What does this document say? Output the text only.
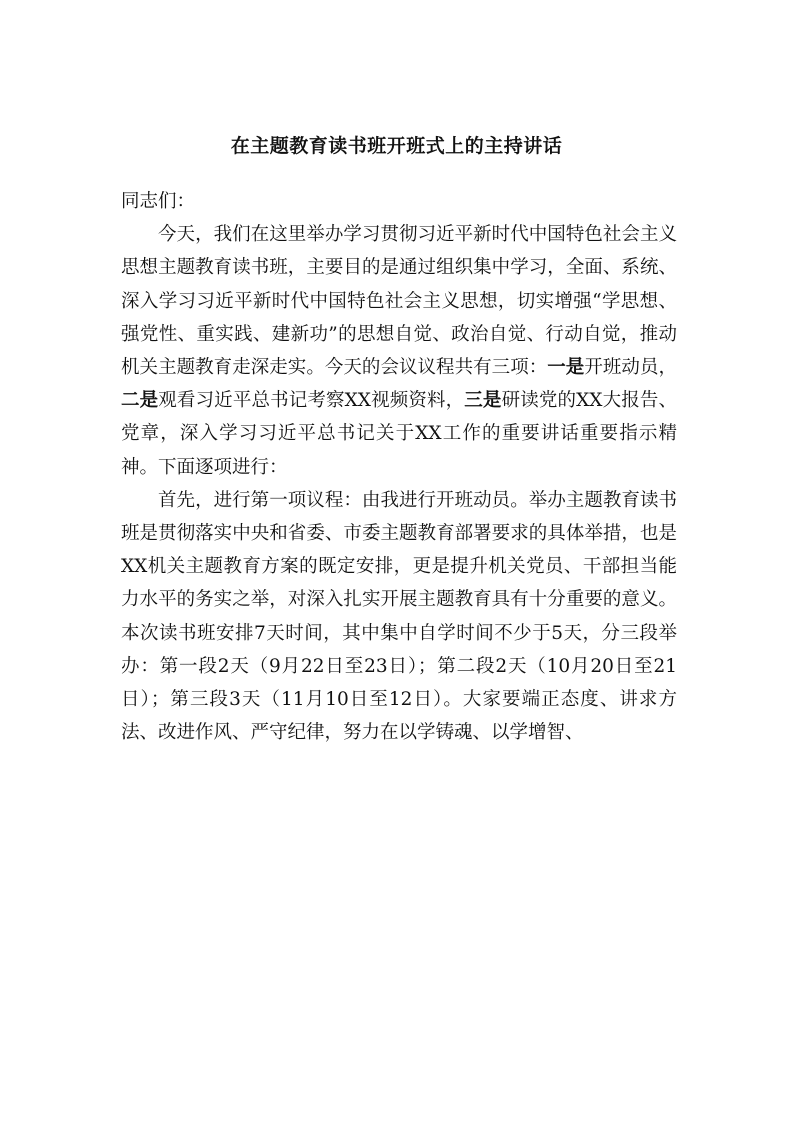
在主题教育读书班开班式上的主持讲话

同志们：

今天，我们在这里举办学习贯彻习近平新时代中国特色社会主义思想主题教育读书班，主要目的是通过组织集中学习，全面、系统、深入学习习近平新时代中国特色社会主义思想，切实增强“学思想、强党性、重实践、建新功”的思想自觉、政治自觉、行动自觉，推动机关主题教育走深走实。今天的会议议程共有三项：一是开班动员，二是观看习近平总书记考察XX视频资料，三是研读党的XX大报告、党章，深入学习习近平总书记关于XX工作的重要讲话重要指示精神。下面逐项进行：

首先，进行第一项议程：由我进行开班动员。举办主题教育读书班是贯彻落实中央和省委、市委主题教育部署要求的具体举措，也是XX机关主题教育方案的既定安排，更是提升机关党员、干部担当能力水平的务实之举，对深入扎实开展主题教育具有十分重要的意义。本次读书班安排7天时间，其中集中自学时间不少于5天，分三段举办：第一段2天（9月22日至23日）；第二段2天（10月20日至21日）；第三段3天（11月10日至12日）。大家要端正态度、讲求方法、改进作风、严守纪律，努力在以学铸魂、以学增智、
